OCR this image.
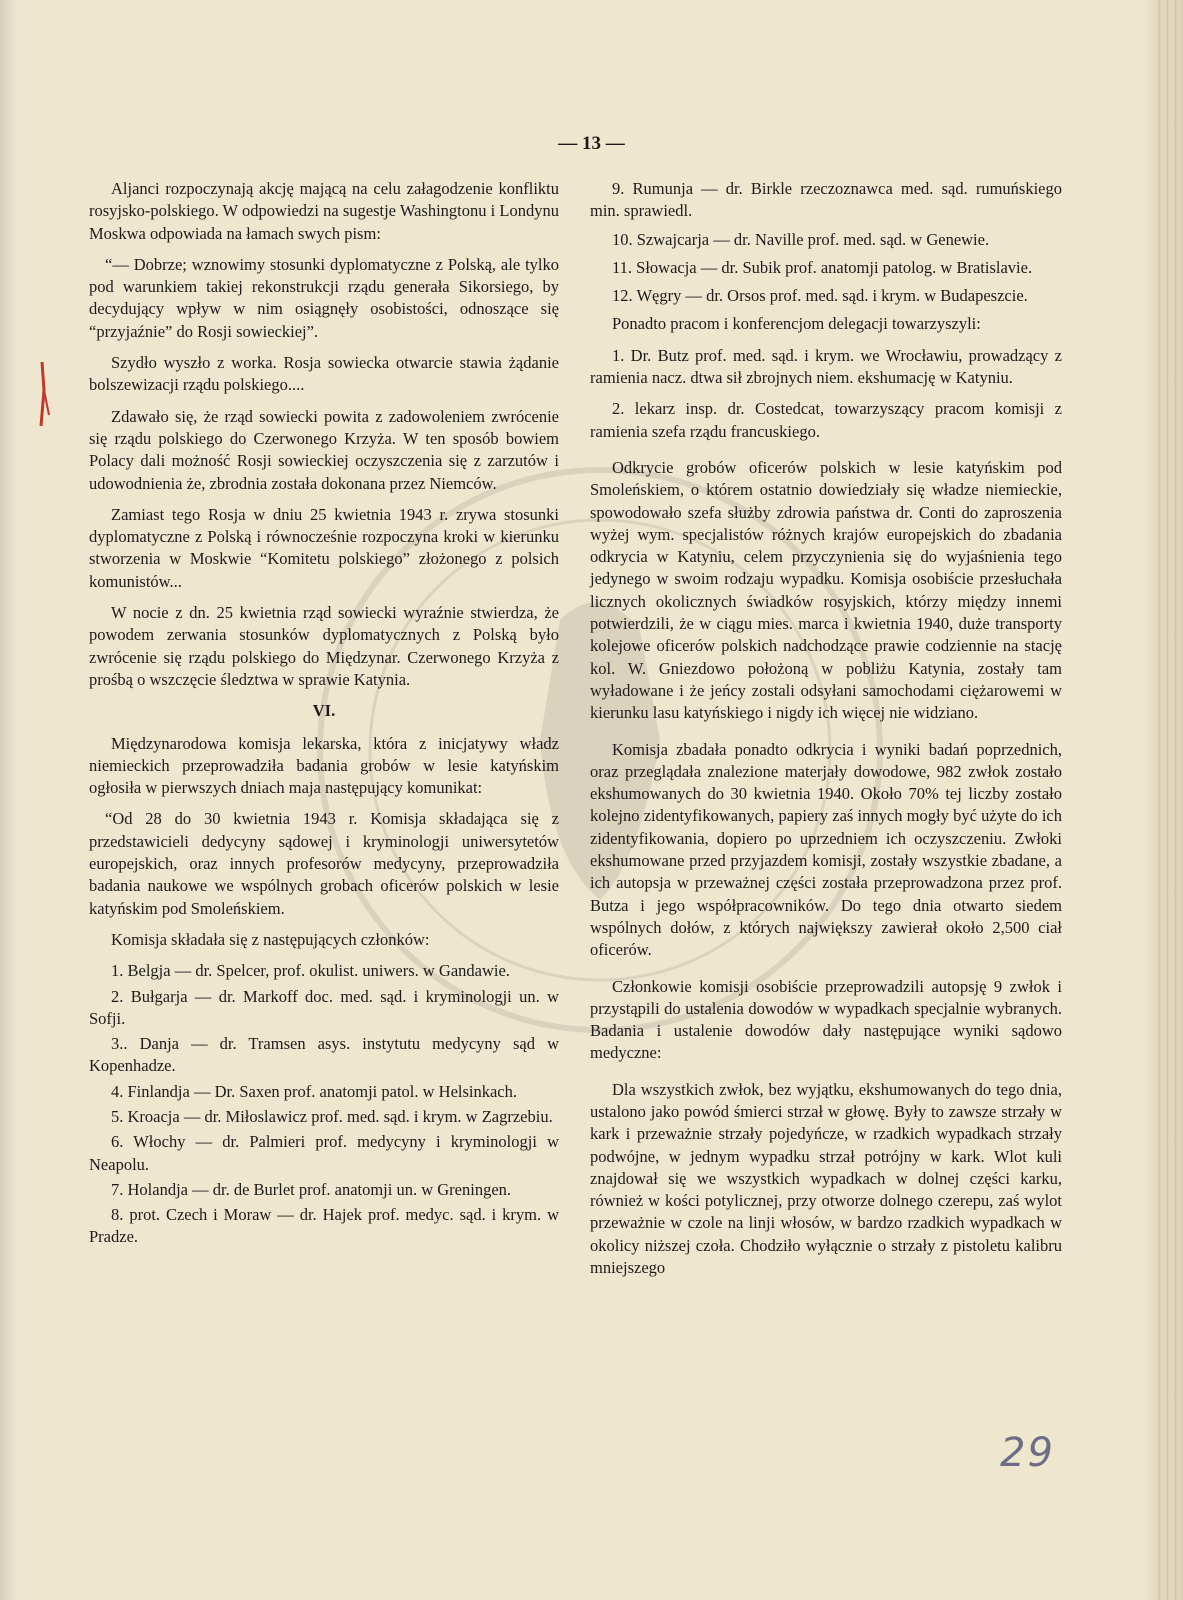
— 13 —

Aljanci rozpoczynają akcję mającą na celu załagodzenie konfliktu rosyjsko-polskiego. W odpowiedzi na sugestje Washingtonu i Londynu Moskwa odpowiada na łamach swych pism:

“— Dobrze; wznowimy stosunki dyplomatyczne z Polską, ale tylko pod warunkiem takiej rekonstrukcji rządu generała Sikorsiego, by decydujący wpływ w nim osiągnęły osobistości, odnoszące się “przyjaźnie” do Rosji sowieckiej”.

Szydło wyszło z worka. Rosja sowiecka otwarcie stawia żądanie bolszewizacji rządu polskiego....

Zdawało się, że rząd sowiecki powita z zadowoleniem zwrócenie się rządu polskiego do Czerwonego Krzyża. W ten sposób bowiem Polacy dali możność Rosji sowieckiej oczyszczenia się z zarzutów i udowodnienia że, zbrodnia została dokonana przez Niemców.

Zamiast tego Rosja w dniu 25 kwietnia 1943 r. zrywa stosunki dyplomatyczne z Polską i równocześnie rozpoczyna kroki w kierunku stworzenia w Moskwie “Komitetu polskiego” złożonego z polsich komunistów...

W nocie z dn. 25 kwietnia rząd sowiecki wyraźnie stwierdza, że powodem zerwania stosunków dyplomatycznych z Polską było zwrócenie się rządu polskiego do Międzynar. Czerwonego Krzyża z prośbą o wszczęcie śledztwa w sprawie Katynia.

VI.

Międzynarodowa komisja lekarska, która z inicjatywy władz niemieckich przeprowadziła badania grobów w lesie katyńskim ogłosiła w pierwszych dniach maja następujący komunikat:

“Od 28 do 30 kwietnia 1943 r. Komisja składająca się z przedstawicieli dedycyny sądowej i kryminologji uniwersytetów europejskich, oraz innych profesorów medycyny, przeprowadziła badania naukowe we wspólnych grobach oficerów polskich w lesie katyńskim pod Smoleńskiem.

Komisja składała się z następujących członków:

1. Belgja — dr. Spelcer, prof. okulist. uniwers. w Gandawie.

2. Bułgarja — dr. Markoff doc. med. sąd. i kryminologji un. w Sofji.

3.. Danja — dr. Tramsen asys. instytutu medycyny sąd w Kopenhadze.

4. Finlandja — Dr. Saxen prof. anatomji patol. w Helsinkach.

5. Kroacja — dr. Miłoslawicz prof. med. sąd. i krym. w Zagrzebiu.

6. Włochy — dr. Palmieri prof. medycyny i kryminologji w Neapolu.

7. Holandja — dr. de Burlet prof. anatomji un. w Greningen.

8. prot. Czech i Moraw — dr. Hajek prof. medyc. sąd. i krym. w Pradze.

9. Rumunja — dr. Birkle rzeczoznawca med. sąd. rumuńskiego min. sprawiedl.

10. Szwajcarja — dr. Naville prof. med. sąd. w Genewie.

11. Słowacja — dr. Subik prof. anatomji patolog. w Bratislavie.

12. Węgry — dr. Orsos prof. med. sąd. i krym. w Budapeszcie.

Ponadto pracom i konferencjom delegacji towarzyszyli:

1. Dr. Butz prof. med. sąd. i krym. we Wrocławiu, prowadzący z ramienia nacz. dtwa sił zbrojnych niem. ekshumację w Katyniu.

2. lekarz insp. dr. Costedcat, towarzyszący pracom komisji z ramienia szefa rządu francuskiego.

Odkrycie grobów oficerów polskich w lesie katyńskim pod Smoleńskiem, o którem ostatnio dowiedziały się władze niemieckie, spowodowało szefa służby zdrowia państwa dr. Conti do zaproszenia wyżej wym. specjalistów różnych krajów europejskich do zbadania odkrycia w Katyniu, celem przyczynienia się do wyjaśnienia tego jedynego w swoim rodzaju wypadku. Komisja osobiście przesłuchała licznych okolicznych świadków rosyjskich, którzy między innemi potwierdzili, że w ciągu mies. marca i kwietnia 1940, duże transporty kolejowe oficerów polskich nadchodzące prawie codziennie na stację kol. W. Gniezdowo położoną w pobliżu Katynia, zostały tam wyładowane i że jeńcy zostali odsyłani samochodami ciężarowemi w kierunku lasu katyńskiego i nigdy ich więcej nie widziano.

Komisja zbadała ponadto odkrycia i wyniki badań poprzednich, oraz przeglądała znalezione materjały dowodowe, 982 zwłok zostało ekshumowanych do 30 kwietnia 1940. Około 70% tej liczby zostało kolejno zidentyfikowanych, papiery zaś innych mogły być użyte do ich zidentyfikowania, dopiero po uprzedniem ich oczyszczeniu. Zwłoki ekshumowane przed przyjazdem komisji, zostały wszystkie zbadane, a ich autopsja w przeważnej części została przeprowadzona przez prof. Butza i jego współpracowników. Do tego dnia otwarto siedem wspólnych dołów, z których największy zawierał około 2,500 ciał oficerów.

Członkowie komisji osobiście przeprowadzili autopsję 9 zwłok i przystąpili do ustalenia dowodów w wypadkach specjalnie wybranych. Badania i ustalenie dowodów dały następujące wyniki sądowo medyczne:

Dla wszystkich zwłok, bez wyjątku, ekshumowanych do tego dnia, ustalono jako powód śmierci strzał w głowę. Były to zawsze strzały w kark i przeważnie strzały pojedyńcze, w rzadkich wypadkach strzały podwójne, w jednym wypadku strzał potrójny w kark. Wlot kuli znajdował się we wszystkich wypadkach w dolnej części karku, również w kości potylicznej, przy otworze dolnego czerepu, zaś wylot przeważnie w czole na linji włosów, w bardzo rzadkich wypadkach w okolicy niższej czoła. Chodziło wyłącznie o strzały z pistoletu kalibru mniejszego

29
